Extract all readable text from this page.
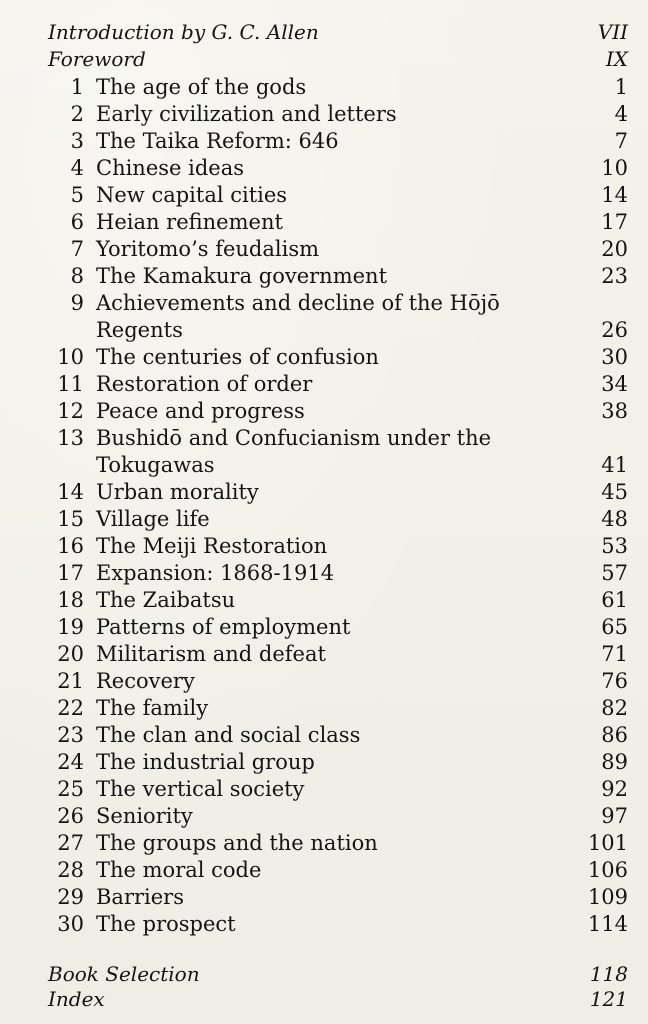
Introduction by G. C. Allen	VII
Foreword	IX
1 The age of the gods	1
2 Early civilization and letters	4
3 The Taika Reform: 646	7
4 Chinese ideas	10
5 New capital cities	14
6 Heian refinement	17
7 Yoritomo’s feudalism	20
8 The Kamakura government	23
9 Achievements and decline of the Hōjō
Regents	26
10 The centuries of confusion	30
11 Restoration of order	34
12 Peace and progress	38
13 Bushidō and Confucianism under the
Tokugawas	41
14 Urban morality	45
15 Village life	48
16 The Meiji Restoration	53
17 Expansion: 1868-1914	57
18 The Zaibatsu	61
19 Patterns of employment	65
20 Militarism and defeat	71
21 Recovery	76
22 The family	82
23 The clan and social class	86
24 The industrial group	89
25 The vertical society	92
26 Seniority	97
27 The groups and the nation	101
28 The moral code	106
29 Barriers	109
30 The prospect	114
Book Selection	118
Index	121
